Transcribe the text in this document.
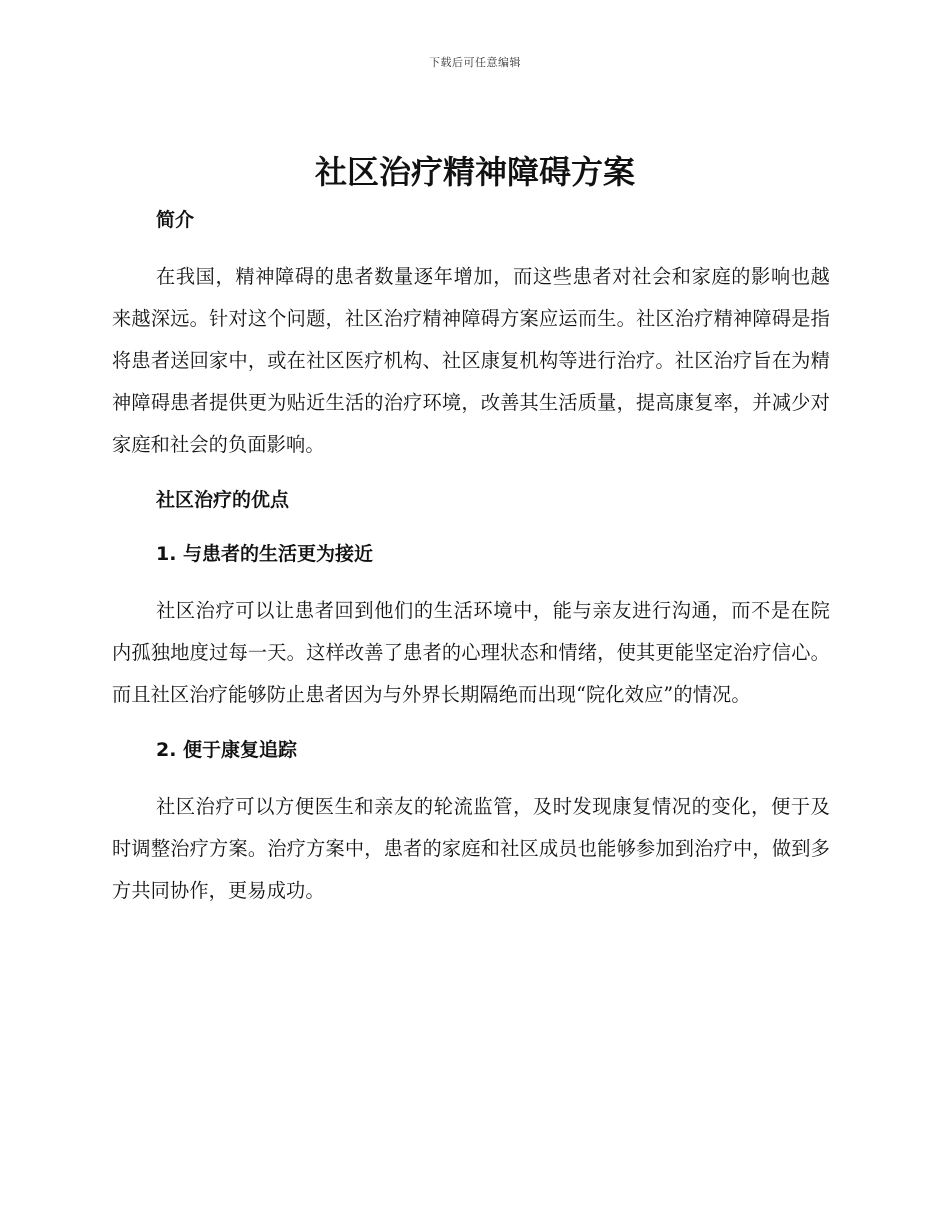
下载后可任意编辑
社区治疗精神障碍方案
简介

在我国，精神障碍的患者数量逐年增加，而这些患者对社会和家庭的影响也越来越深远。针对这个问题，社区治疗精神障碍方案应运而生。社区治疗精神障碍是指将患者送回家中，或在社区医疗机构、社区康复机构等进行治疗。社区治疗旨在为精神障碍患者提供更为贴近生活的治疗环境，改善其生活质量，提高康复率，并减少对家庭和社会的负面影响。

社区治疗的优点
1. 与患者的生活更为接近

社区治疗可以让患者回到他们的生活环境中，能与亲友进行沟通，而不是在院内孤独地度过每一天。这样改善了患者的心理状态和情绪，使其更能坚定治疗信心。而且社区治疗能够防止患者因为与外界长期隔绝而出现“院化效应”的情况。

2. 便于康复追踪

社区治疗可以方便医生和亲友的轮流监管，及时发现康复情况的变化，便于及时调整治疗方案。治疗方案中，患者的家庭和社区成员也能够参加到治疗中，做到多方共同协作，更易成功。
